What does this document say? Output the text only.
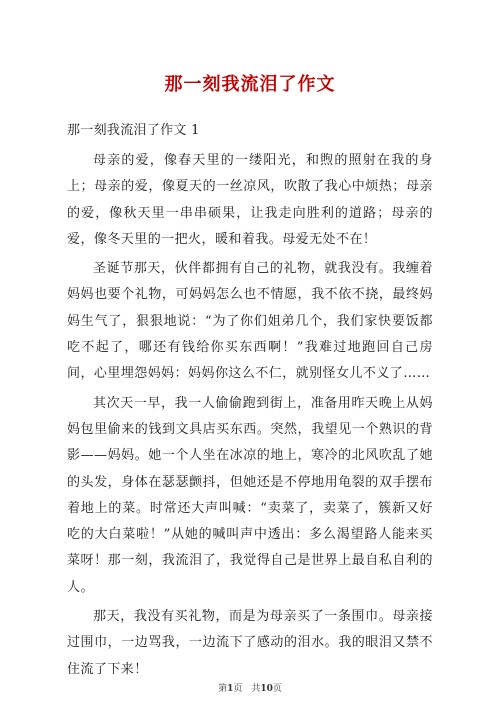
那一刻我流泪了作文

那一刻我流泪了作文 1

母亲的爱，像春天里的一缕阳光，和煦的照射在我的身上；母亲的爱，像夏天的一丝凉风，吹散了我心中烦热；母亲的爱，像秋天里一串串硕果，让我走向胜利的道路；母亲的爱，像冬天里的一把火，暖和着我。母爱无处不在！

圣诞节那天，伙伴都拥有自己的礼物，就我没有。我缠着妈妈也要个礼物，可妈妈怎么也不情愿，我不依不挠，最终妈妈生气了，狠狠地说：“为了你们姐弟几个，我们家快要饭都吃不起了，哪还有钱给你买东西啊！”我难过地跑回自己房间，心里埋怨妈妈：妈妈你这么不仁，就别怪女儿不义了……

其次天一早，我一人偷偷跑到街上，准备用昨天晚上从妈妈包里偷来的钱到文具店买东西。突然，我望见一个熟识的背影——妈妈。她一个人坐在冰凉的地上，寒冷的北风吹乱了她的头发，身体在瑟瑟颤抖，但她还是不停地用龟裂的双手摆布着地上的菜。时常还大声叫喊：“卖菜了，卖菜了，簇新又好吃的大白菜啦！”从她的喊叫声中透出：多么渴望路人能来买菜呀！那一刻，我流泪了，我觉得自己是世界上最自私自利的人。

那天，我没有买礼物，而是为母亲买了一条围巾。母亲接过围巾，一边骂我，一边流下了感动的泪水。我的眼泪又禁不住流了下来！

第1页　共10页
